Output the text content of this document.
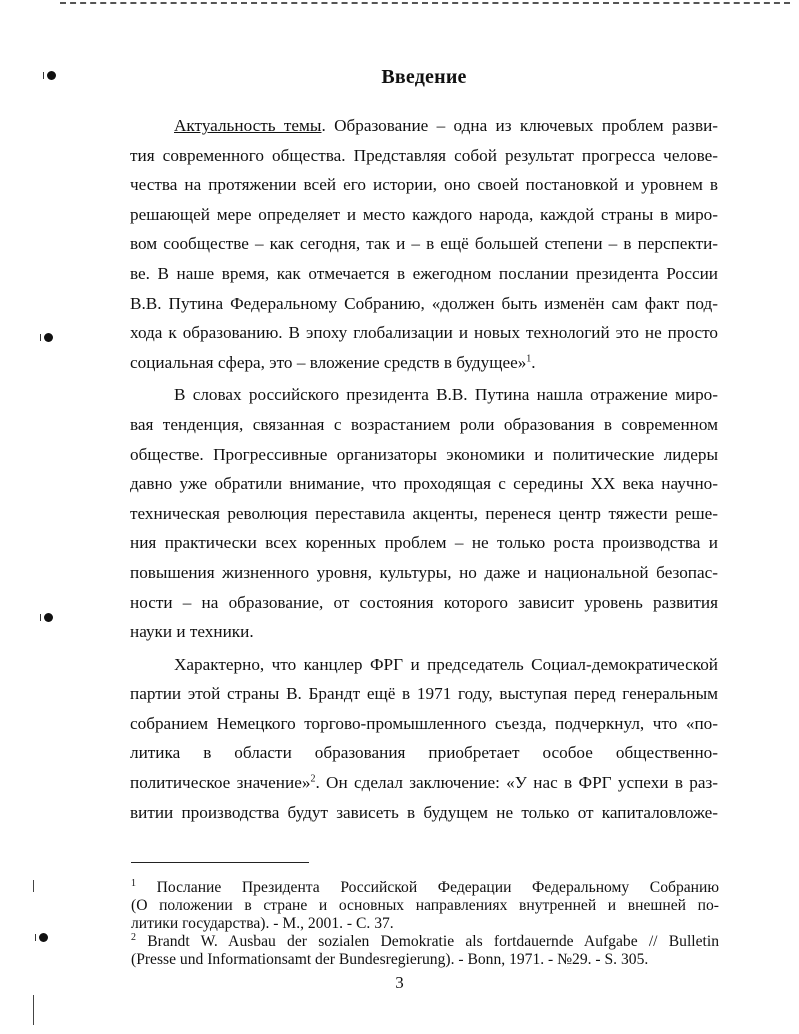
Введение
Актуальность темы. Образование – одна из ключевых проблем разви-
тия современного общества. Представляя собой результат прогресса челове-
чества на протяжении всей его истории, оно своей постановкой и уровнем в
решающей мере определяет и место каждого народа, каждой страны в миро-
вом сообществе – как сегодня, так и – в ещё большей степени – в перспекти-
ве. В наше время, как отмечается в ежегодном послании президента России
В.В. Путина Федеральному Собранию, «должен быть изменён сам факт под-
хода к образованию. В эпоху глобализации и новых технологий это не просто
социальная сфера, это – вложение средств в будущее»$^1$.
В словах российского президента В.В. Путина нашла отражение миро-
вая тенденция, связанная с возрастанием роли образования в современном
обществе. Прогрессивные организаторы экономики и политические лидеры
давно уже обратили внимание, что проходящая с середины XX века научно-
техническая революция переставила акценты, перенеся центр тяжести реше-
ния практически всех коренных проблем – не только роста производства и
повышения жизненного уровня, культуры, но даже и национальной безопас-
ности – на образование, от состояния которого зависит уровень развития
науки и техники.
Характерно, что канцлер ФРГ и председатель Социал-демократической
партии этой страны В. Брандт ещё в 1971 году, выступая перед генеральным
собранием Немецкого торгово-промышленного съезда, подчеркнул, что «по-
литика в области образования приобретает особое общественно-
политическое значение»$^2$. Он сделал заключение: «У нас в ФРГ успехи в раз-
витии производства будут зависеть в будущем не только от капиталовложе-
$^1$ Послание Президента Российской Федерации Федеральному Собранию
(О положении в стране и основных направлениях внутренней и внешней по-
литики государства). - М., 2001. - С. 37.
$^2$ Brandt W. Ausbau der sozialen Demokratie als fortdauernde Aufgabe // Bulletin
(Presse und Informationsamt der Bundesregierung). - Bonn, 1971. - №29. - S. 305.
3
